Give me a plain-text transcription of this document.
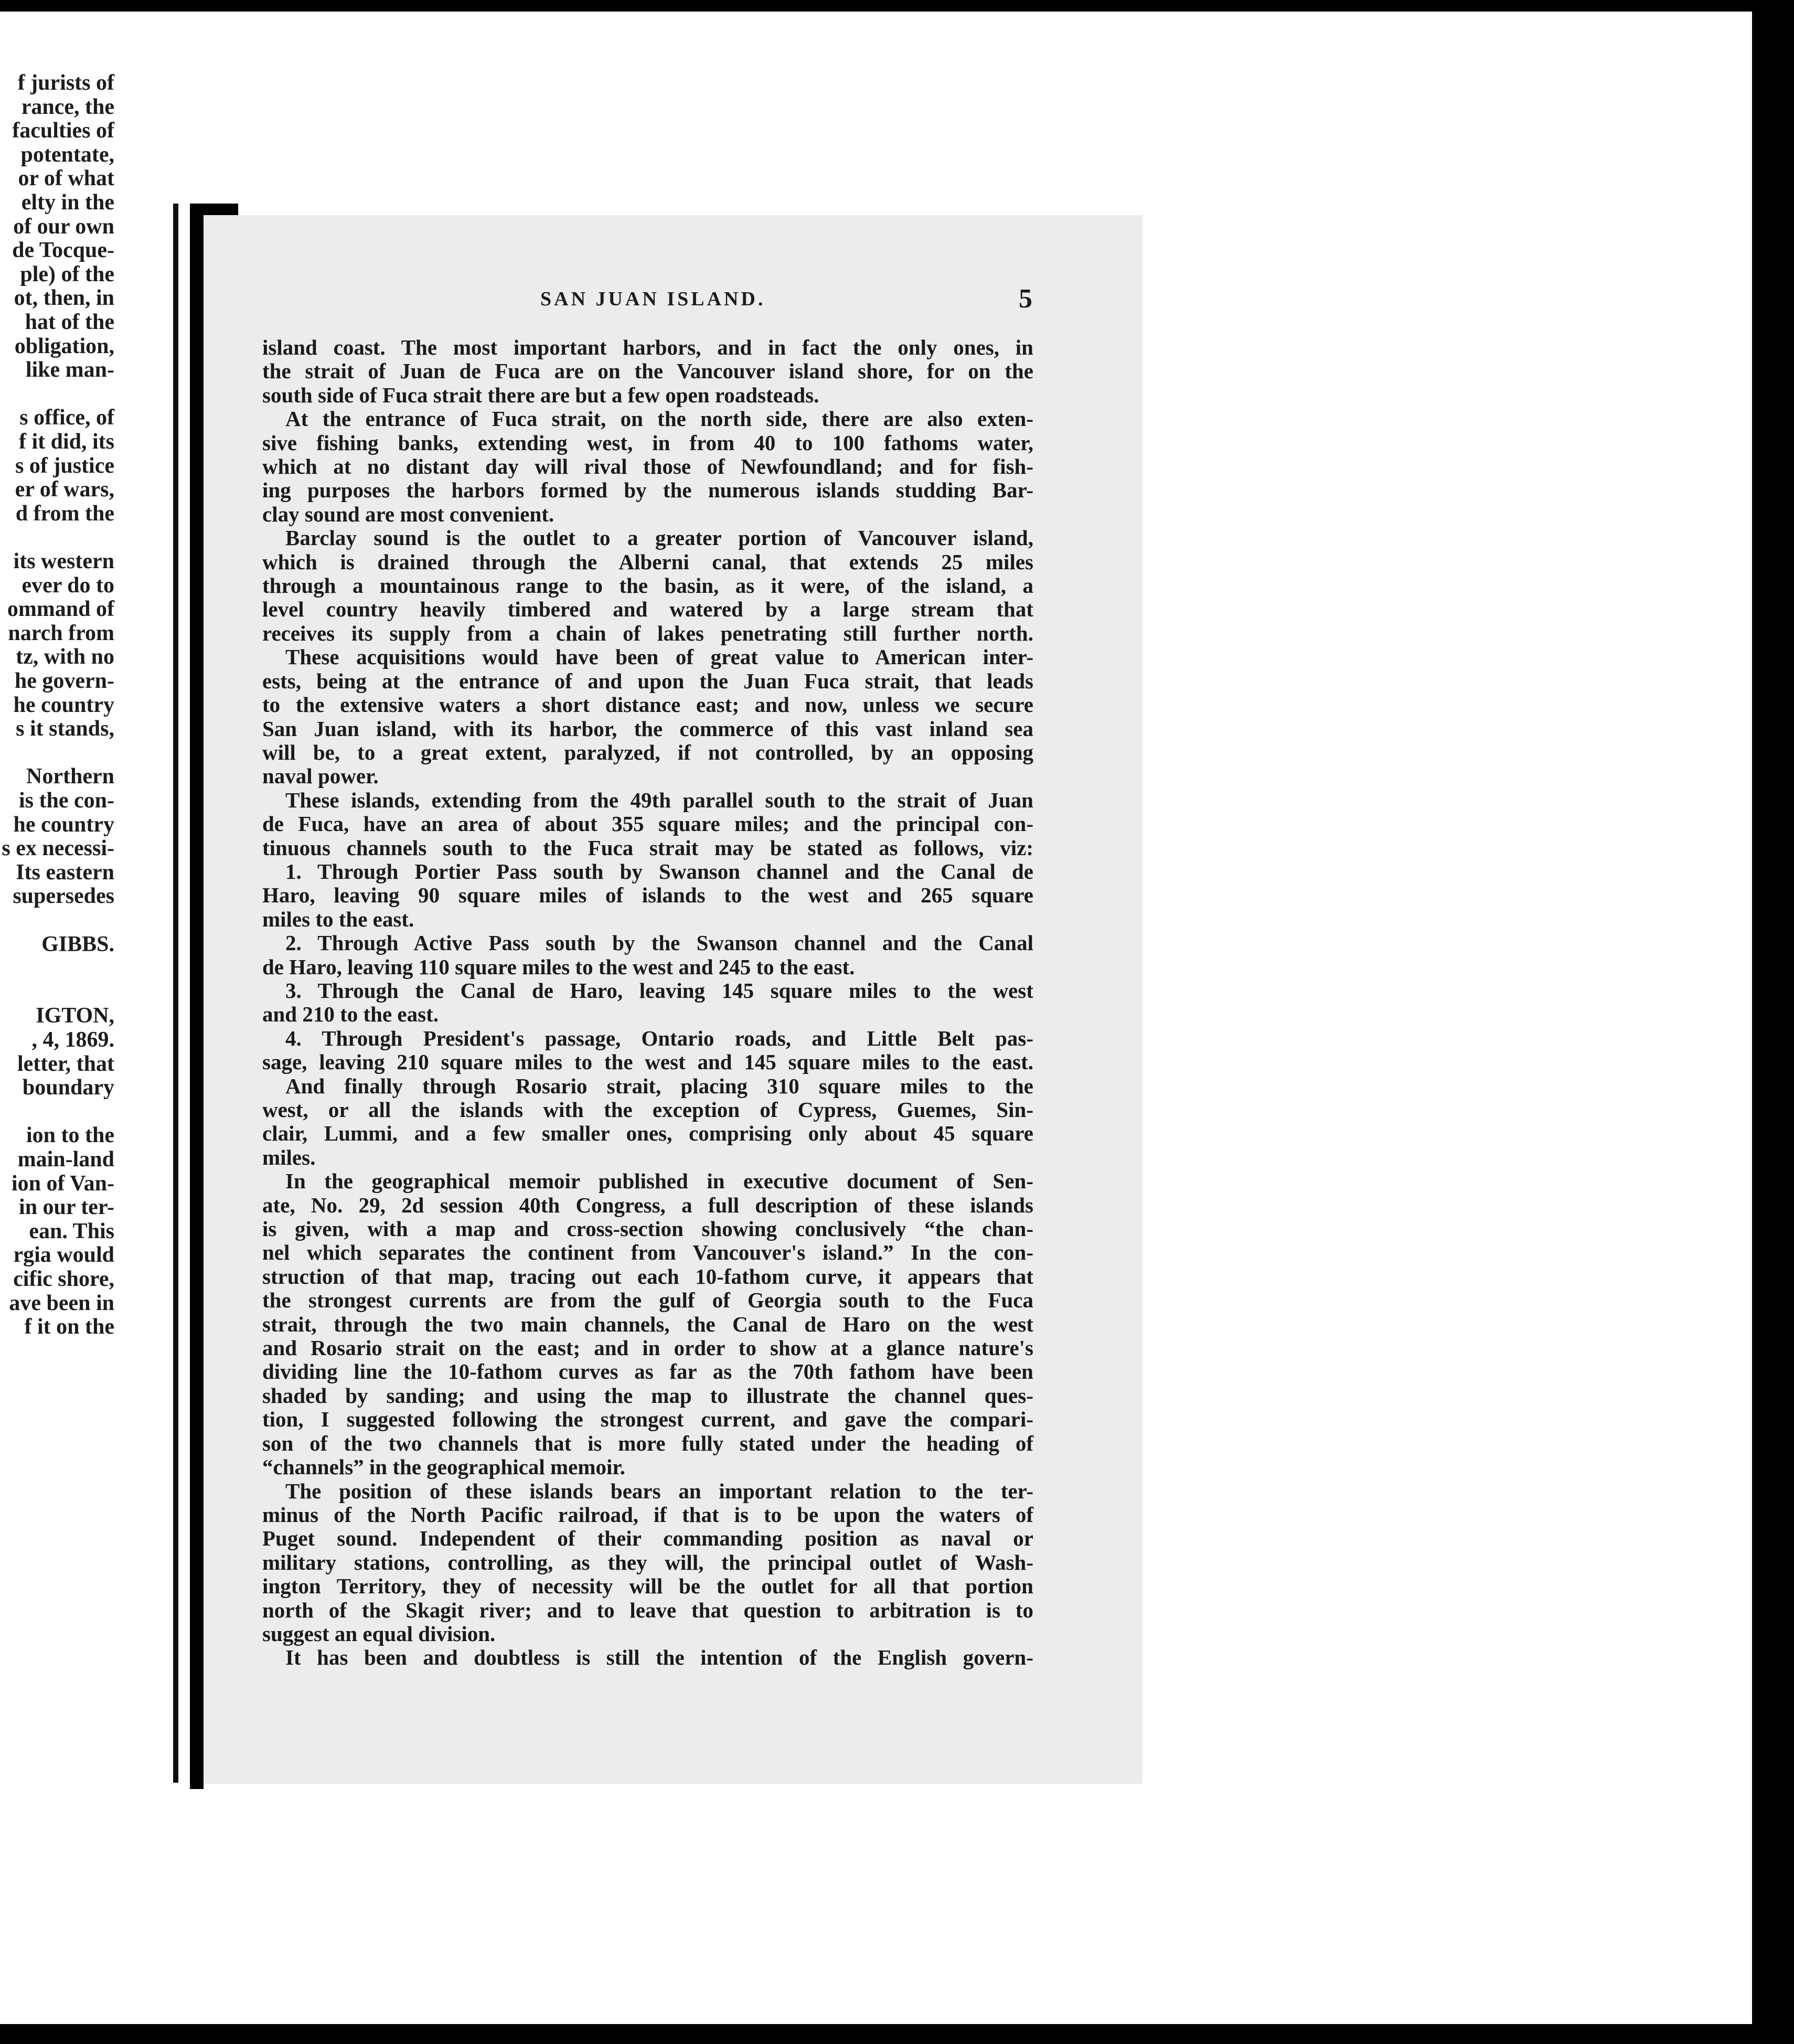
f jurists of
rance, the
faculties of
potentate,
or of what
elty in the
of our own
de Tocque-
ple) of the
ot, then, in
hat of the
obligation,
like man-
s office, of
f it did, its
s of justice
er of wars,
d from the
its western
ever do to
ommand of
narch from
tz, with no
he govern-
he country
s it stands,
Northern
is the con-
he country
s ex necessi-
Its eastern
supersedes
GIBBS.
IGTON,
, 4, 1869.
letter, that
boundary
ion to the
main-land
ion of Van-
in our ter-
ean. This
rgia would
cific shore,
ave been in
f it on the
SAN JUAN ISLAND.	5

island coast. The most important harbors, and in fact the only ones, in

the strait of Juan de Fuca are on the Vancouver island shore, for on the

south side of Fuca strait there are but a few open roadsteads.

At the entrance of Fuca strait, on the north side, there are also exten-

sive fishing banks, extending west, in from 40 to 100 fathoms water,

which at no distant day will rival those of Newfoundland; and for fish-

ing purposes the harbors formed by the numerous islands studding Bar-

clay sound are most convenient.

Barclay sound is the outlet to a greater portion of Vancouver island,

which is drained through the Alberni canal, that extends 25 miles

through a mountainous range to the basin, as it were, of the island, a

level country heavily timbered and watered by a large stream that

receives its supply from a chain of lakes penetrating still further north.

These acquisitions would have been of great value to American inter-

ests, being at the entrance of and upon the Juan Fuca strait, that leads

to the extensive waters a short distance east; and now, unless we secure

San Juan island, with its harbor, the commerce of this vast inland sea

will be, to a great extent, paralyzed, if not controlled, by an opposing

naval power.

These islands, extending from the 49th parallel south to the strait of Juan

de Fuca, have an area of about 355 square miles; and the principal con-

tinuous channels south to the Fuca strait may be stated as follows, viz:

1. Through Portier Pass south by Swanson channel and the Canal de

Haro, leaving 90 square miles of islands to the west and 265 square

miles to the east.

2. Through Active Pass south by the Swanson channel and the Canal

de Haro, leaving 110 square miles to the west and 245 to the east.

3. Through the Canal de Haro, leaving 145 square miles to the west

and 210 to the east.

4. Through President's passage, Ontario roads, and Little Belt pas-

sage, leaving 210 square miles to the west and 145 square miles to the east.

And finally through Rosario strait, placing 310 square miles to the

west, or all the islands with the exception of Cypress, Guemes, Sin-

clair, Lummi, and a few smaller ones, comprising only about 45 square

miles.

In the geographical memoir published in executive document of Sen-

ate, No. 29, 2d session 40th Congress, a full description of these islands

is given, with a map and cross-section showing conclusively “the chan-

nel which separates the continent from Vancouver's island.” In the con-

struction of that map, tracing out each 10-fathom curve, it appears that

the strongest currents are from the gulf of Georgia south to the Fuca

strait, through the two main channels, the Canal de Haro on the west

and Rosario strait on the east; and in order to show at a glance nature's

dividing line the 10-fathom curves as far as the 70th fathom have been

shaded by sanding; and using the map to illustrate the channel ques-

tion, I suggested following the strongest current, and gave the compari-

son of the two channels that is more fully stated under the heading of

“channels” in the geographical memoir.

The position of these islands bears an important relation to the ter-

minus of the North Pacific railroad, if that is to be upon the waters of

Puget sound. Independent of their commanding position as naval or

military stations, controlling, as they will, the principal outlet of Wash-

ington Territory, they of necessity will be the outlet for all that portion

north of the Skagit river; and to leave that question to arbitration is to

suggest an equal division.

It has been and doubtless is still the intention of the English govern-
